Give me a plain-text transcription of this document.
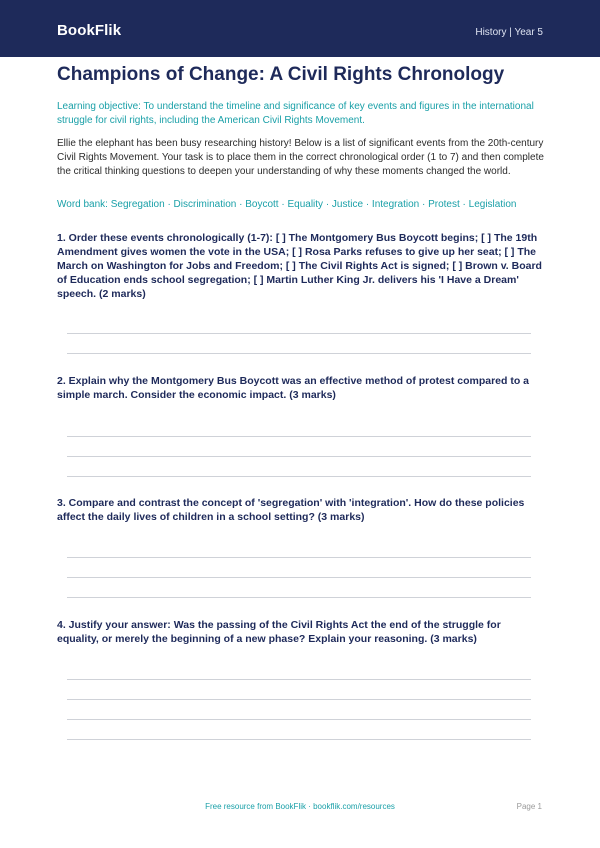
BookFlik	History | Year 5
Champions of Change: A Civil Rights Chronology
Learning objective: To understand the timeline and significance of key events and figures in the international struggle for civil rights, including the American Civil Rights Movement.
Ellie the elephant has been busy researching history! Below is a list of significant events from the 20th-century Civil Rights Movement. Your task is to place them in the correct chronological order (1 to 7) and then complete the critical thinking questions to deepen your understanding of why these moments changed the world.
Word bank: Segregation · Discrimination · Boycott · Equality · Justice · Integration · Protest · Legislation
1. Order these events chronologically (1-7): [ ] The Montgomery Bus Boycott begins; [ ] The 19th Amendment gives women the vote in the USA; [ ] Rosa Parks refuses to give up her seat; [ ] The March on Washington for Jobs and Freedom; [ ] The Civil Rights Act is signed; [ ] Brown v. Board of Education ends school segregation; [ ] Martin Luther King Jr. delivers his 'I Have a Dream' speech. (2 marks)
2. Explain why the Montgomery Bus Boycott was an effective method of protest compared to a simple march. Consider the economic impact. (3 marks)
3. Compare and contrast the concept of 'segregation' with 'integration'. How do these policies affect the daily lives of children in a school setting? (3 marks)
4. Justify your answer: Was the passing of the Civil Rights Act the end of the struggle for equality, or merely the beginning of a new phase? Explain your reasoning. (3 marks)
Free resource from BookFlik · bookflik.com/resources	Page 1
